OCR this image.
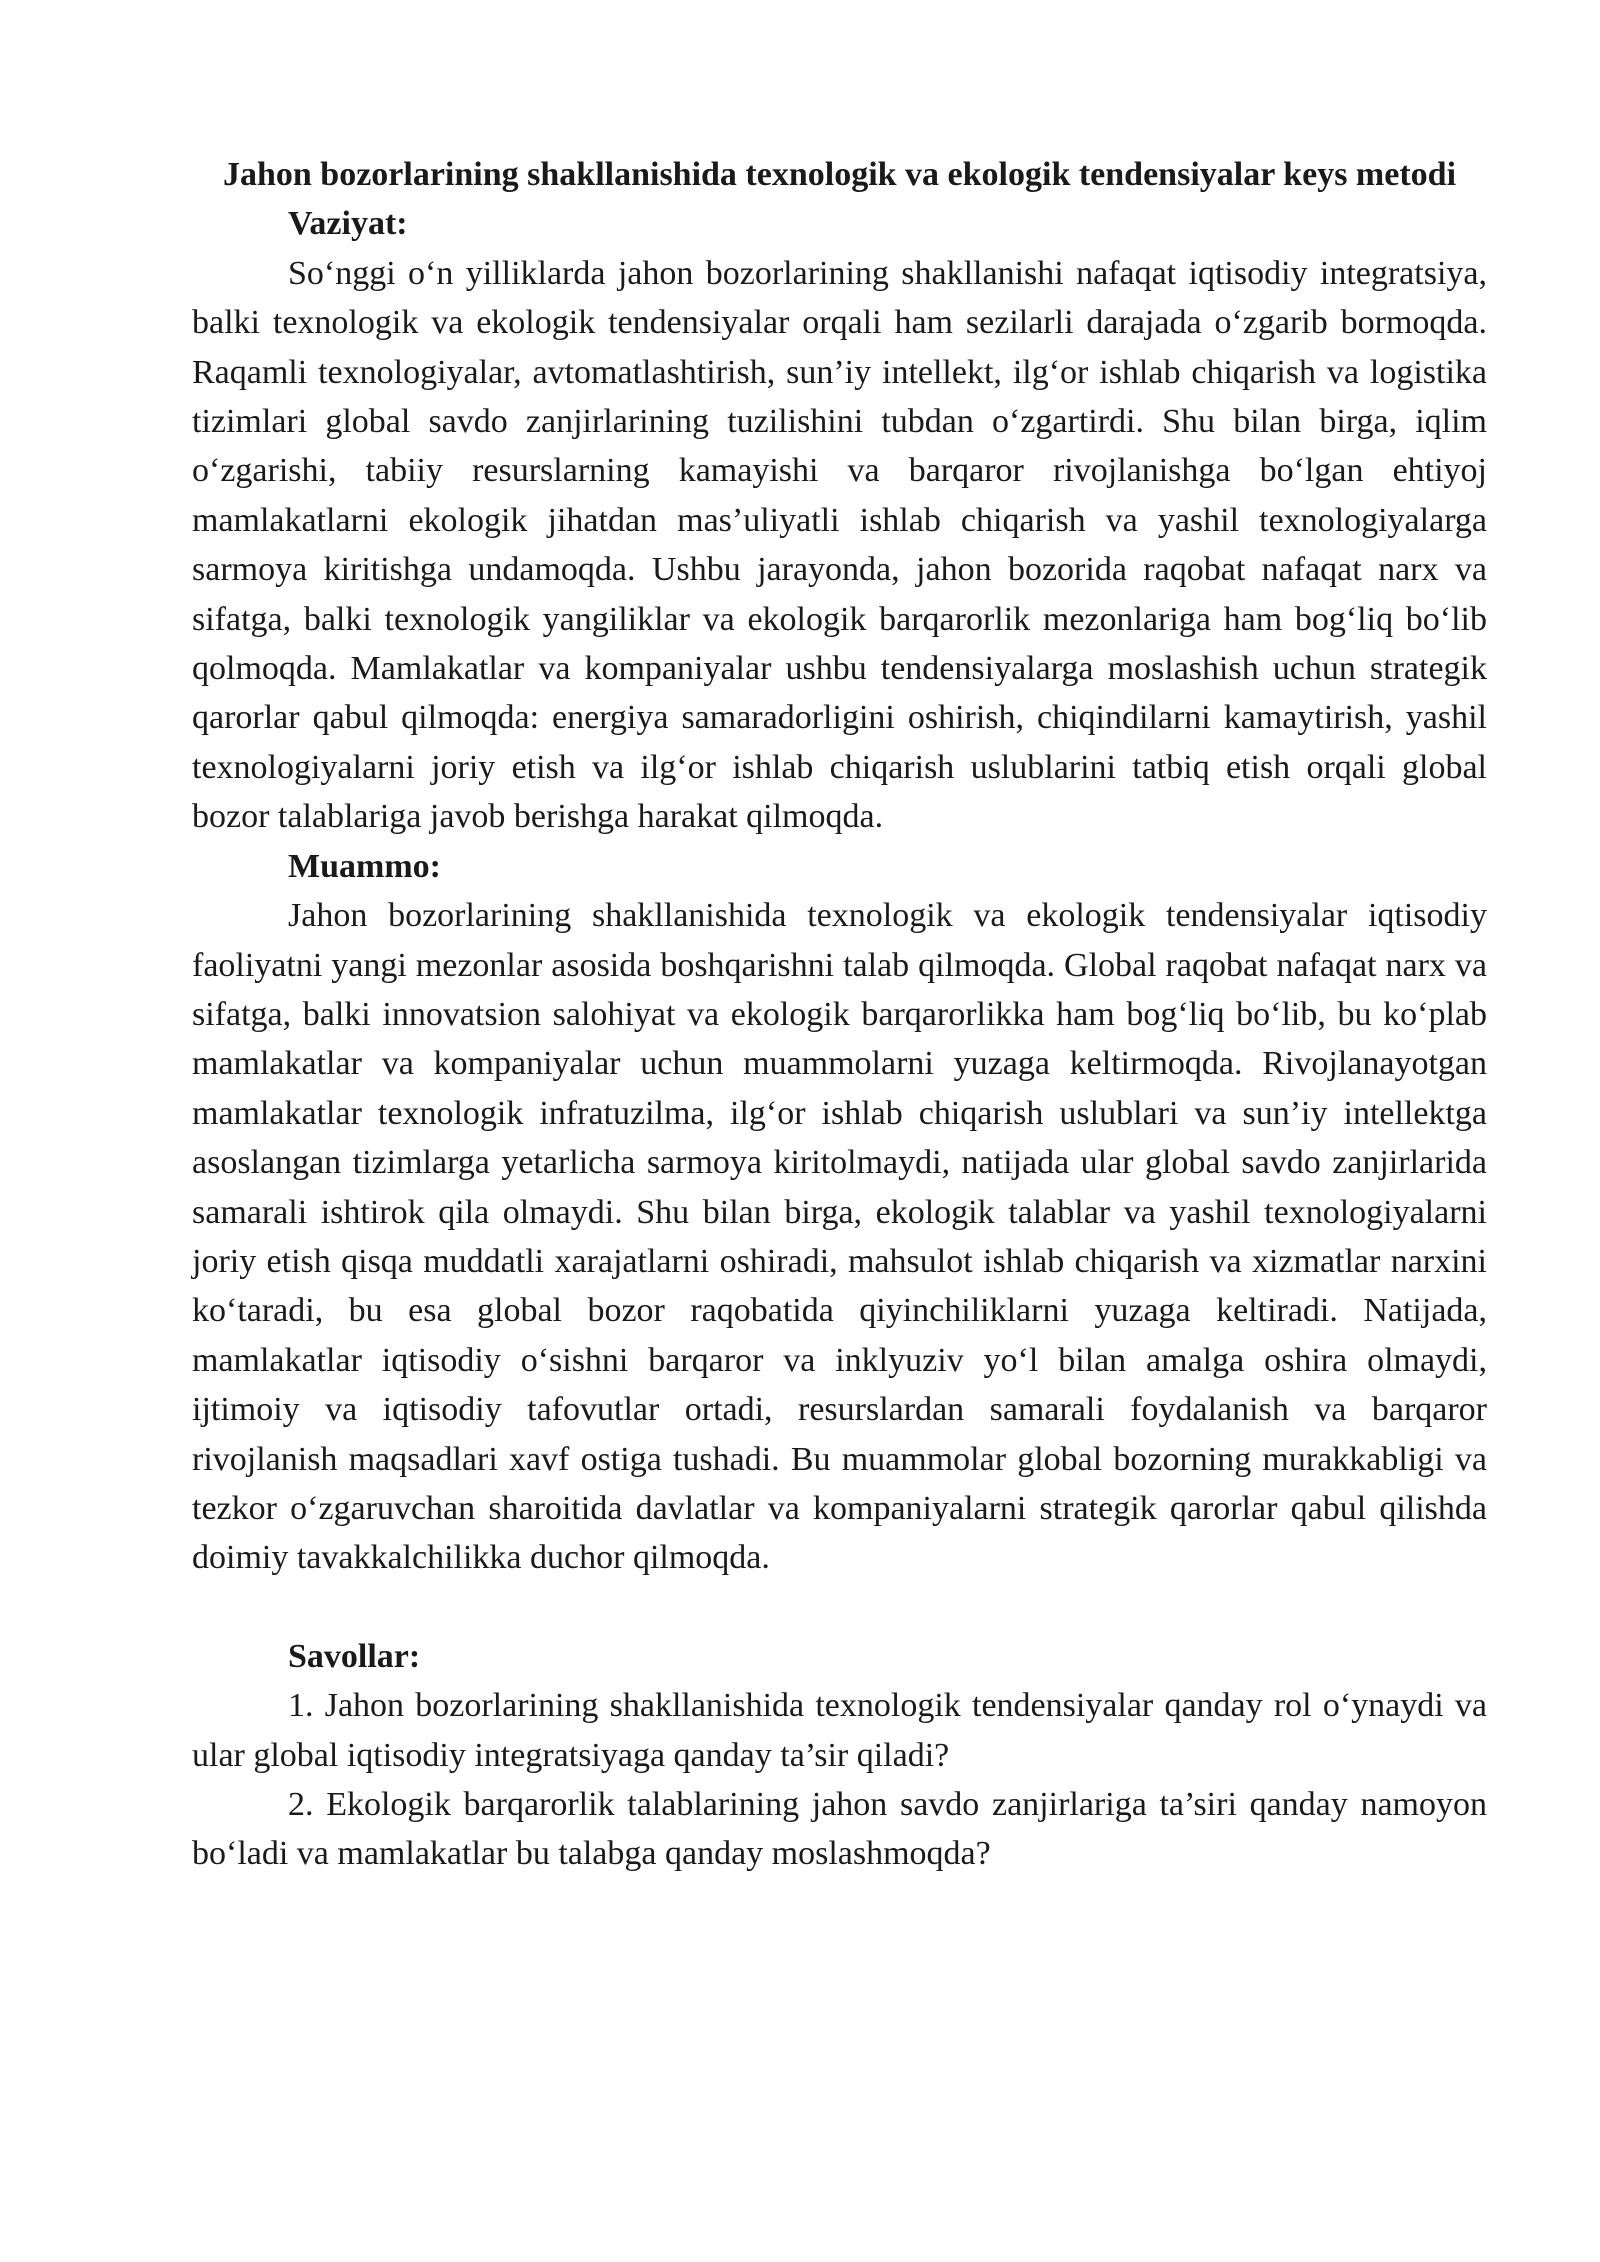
Jahon bozorlarining shakllanishida texnologik va ekologik tendensiyalar keys metodi
Vaziyat:

So‘nggi o‘n yilliklarda jahon bozorlarining shakllanishi nafaqat iqtisodiy integratsiya, balki texnologik va ekologik tendensiyalar orqali ham sezilarli darajada o‘zgarib bormoqda. Raqamli texnologiyalar, avtomatlashtirish, sun’iy intellekt, ilg‘or ishlab chiqarish va logistika tizimlari global savdo zanjirlarining tuzilishini tubdan o‘zgartirdi. Shu bilan birga, iqlim o‘zgarishi, tabiiy resurslarning kamayishi va barqaror rivojlanishga bo‘lgan ehtiyoj mamlakatlarni ekologik jihatdan mas’uliyatli ishlab chiqarish va yashil texnologiyalarga sarmoya kiritishga undamoqda. Ushbu jarayonda, jahon bozorida raqobat nafaqat narx va sifatga, balki texnologik yangiliklar va ekologik barqarorlik mezonlariga ham bog‘liq bo‘lib qolmoqda. Mamlakatlar va kompaniyalar ushbu tendensiyalarga moslashish uchun strategik qarorlar qabul qilmoqda: energiya samaradorligini oshirish, chiqindilarni kamaytirish, yashil texnologiyalarni joriy etish va ilg‘or ishlab chiqarish uslublarini tatbiq etish orqali global bozor talablariga javob berishga harakat qilmoqda.

Muammo:

Jahon bozorlarining shakllanishida texnologik va ekologik tendensiyalar iqtisodiy faoliyatni yangi mezonlar asosida boshqarishni talab qilmoqda. Global raqobat nafaqat narx va sifatga, balki innovatsion salohiyat va ekologik barqarorlikka ham bog‘liq bo‘lib, bu ko‘plab mamlakatlar va kompaniyalar uchun muammolarni yuzaga keltirmoqda. Rivojlanayotgan mamlakatlar texnologik infratuzilma, ilg‘or ishlab chiqarish uslublari va sun’iy intellektga asoslangan tizimlarga yetarlicha sarmoya kiritolmaydi, natijada ular global savdo zanjirlarida samarali ishtirok qila olmaydi. Shu bilan birga, ekologik talablar va yashil texnologiyalarni joriy etish qisqa muddatli xarajatlarni oshiradi, mahsulot ishlab chiqarish va xizmatlar narxini ko‘taradi, bu esa global bozor raqobatida qiyinchiliklarni yuzaga keltiradi. Natijada, mamlakatlar iqtisodiy o‘sishni barqaror va inklyuziv yo‘l bilan amalga oshira olmaydi, ijtimoiy va iqtisodiy tafovutlar ortadi, resurslardan samarali foydalanish va barqaror rivojlanish maqsadlari xavf ostiga tushadi. Bu muammolar global bozorning murakkabligi va tezkor o‘zgaruvchan sharoitida davlatlar va kompaniyalarni strategik qarorlar qabul qilishda doimiy tavakkalchilikka duchor qilmoqda.

Savollar:
1. Jahon bozorlarining shakllanishida texnologik tendensiyalar qanday rol o‘ynaydi va ular global iqtisodiy integratsiyaga qanday ta’sir qiladi?
2. Ekologik barqarorlik talablarining jahon savdo zanjirlariga ta’siri qanday namoyon bo‘ladi va mamlakatlar bu talabga qanday moslashmoqda?
